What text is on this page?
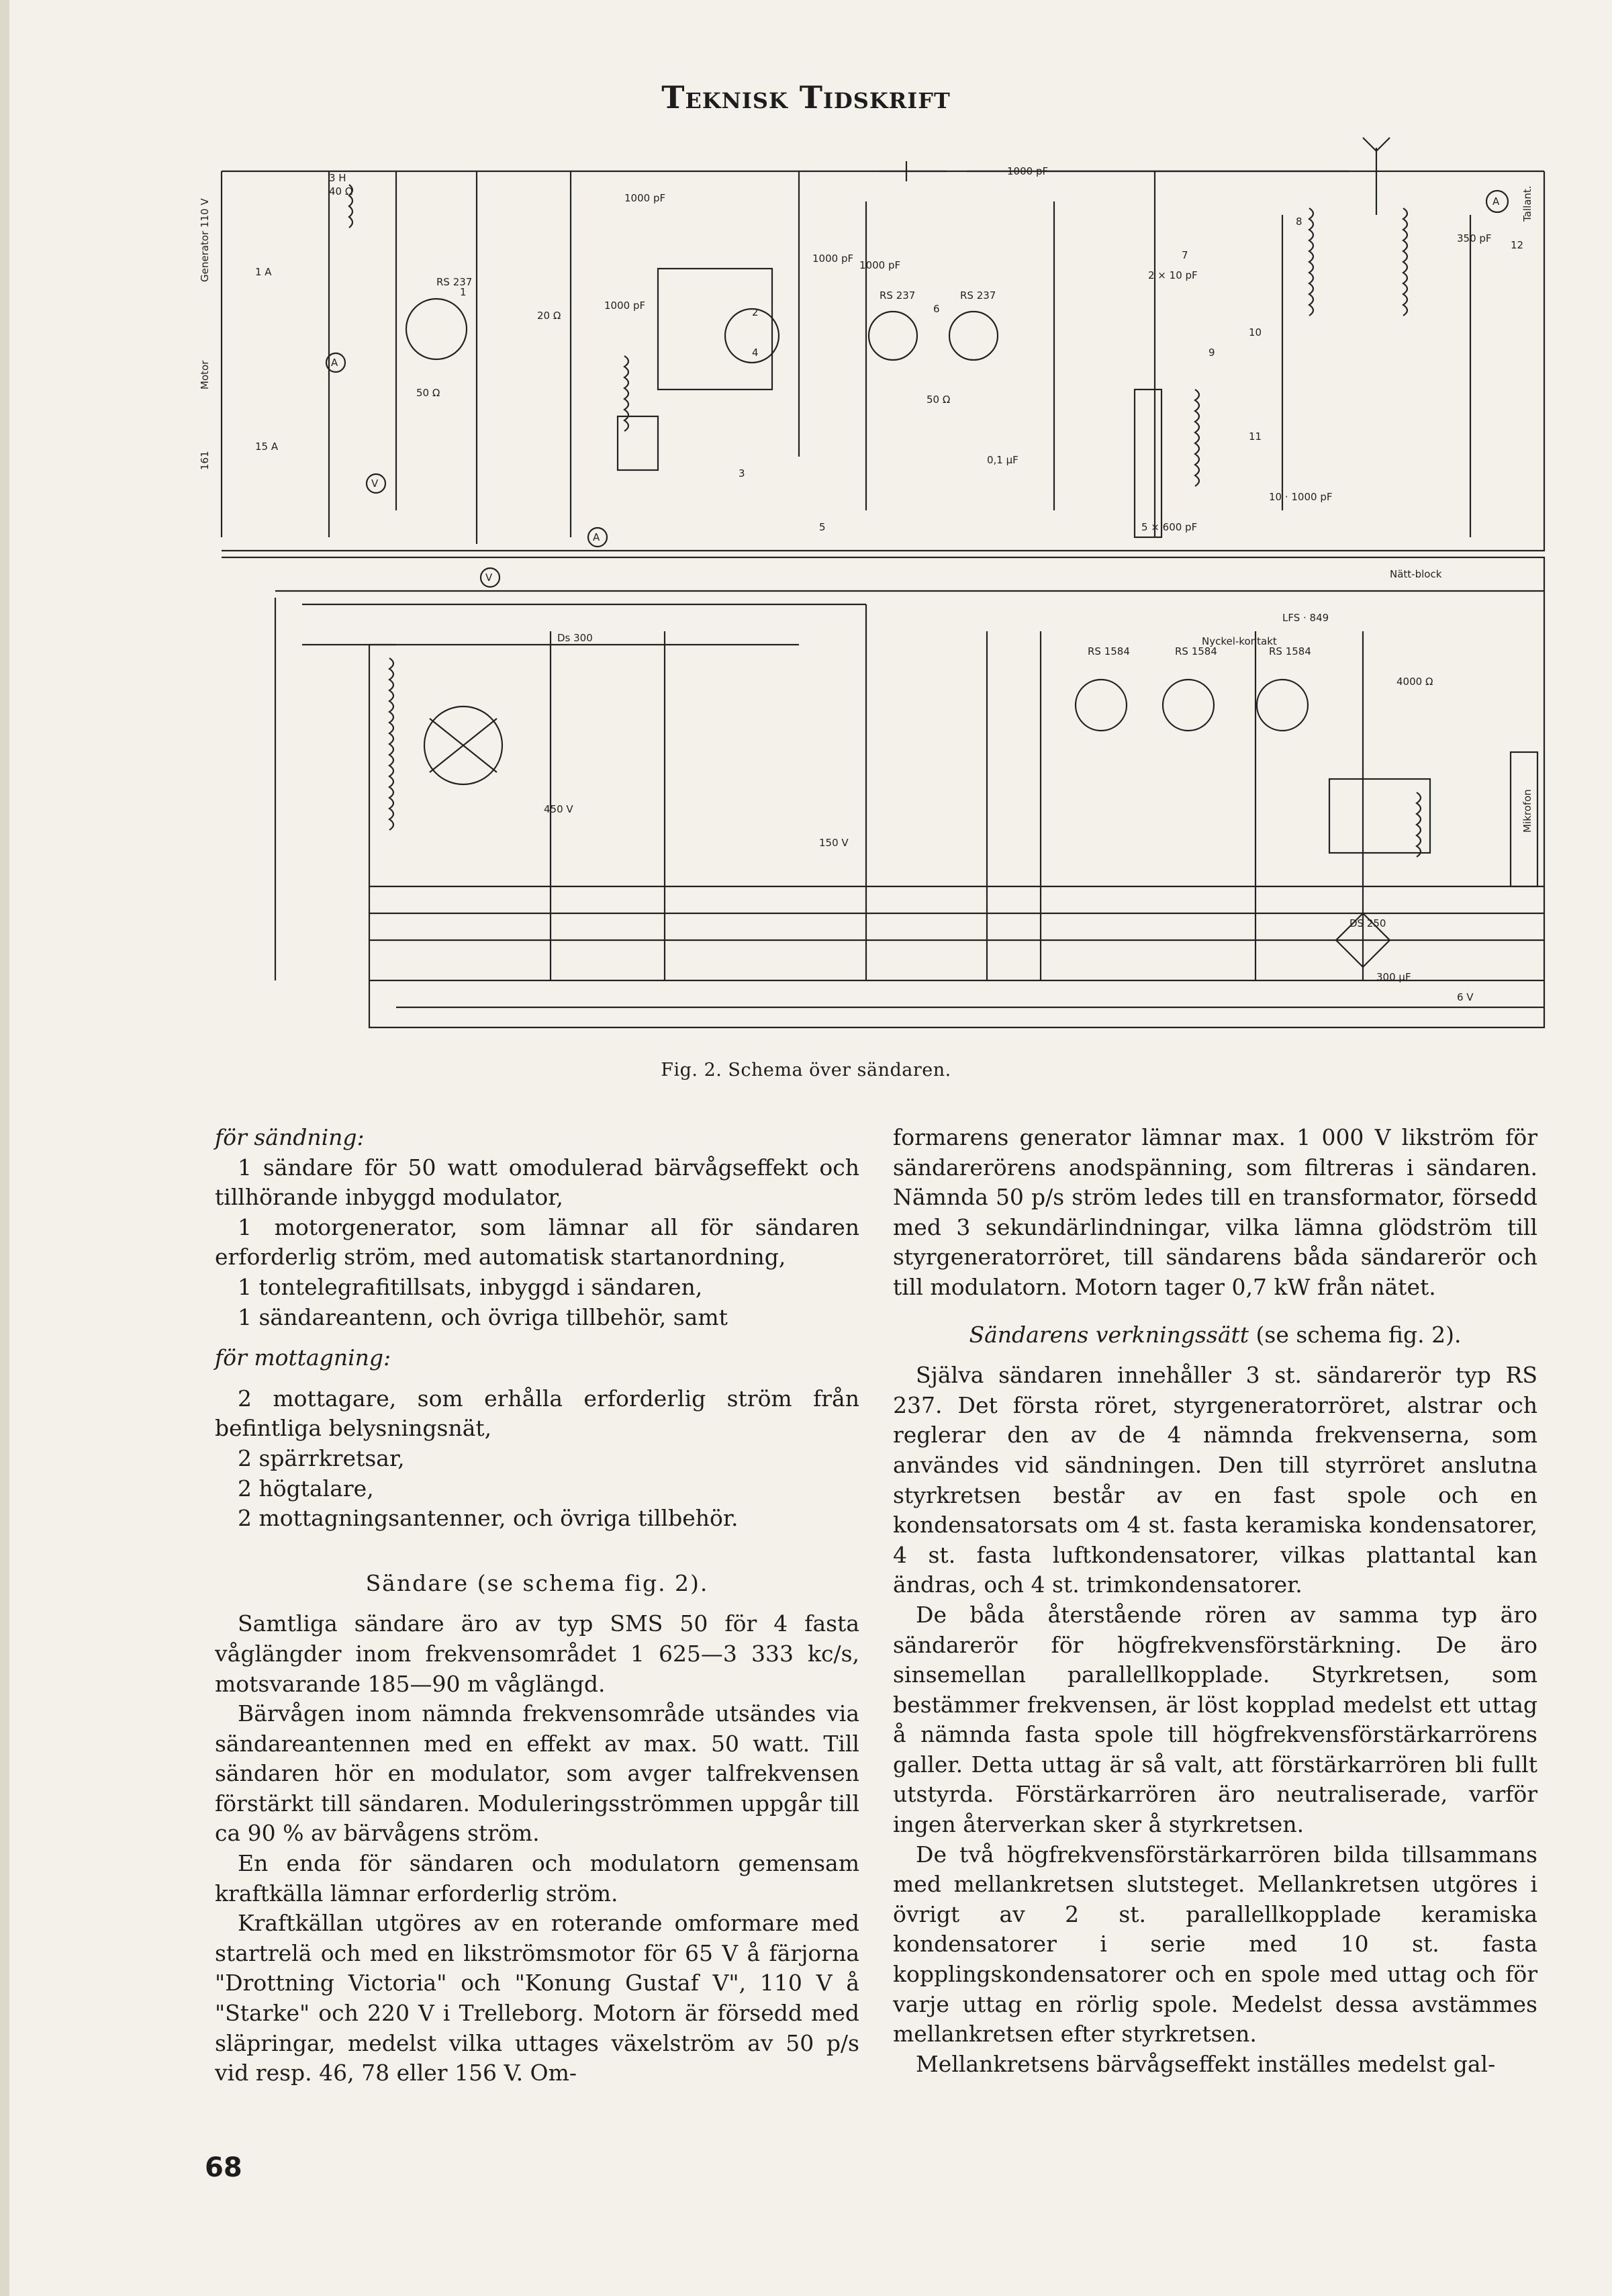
Teknisk Tidskrift
3 H
40 Ω
Generator 110 V	1 A
Motor
161
15 A
RS 237
RS 237	RS 237
20 Ω
1000 pF
1000 pF
1000 pF
1000 pF
1000 pF
50 Ω
50 Ω
10 · 1000 pF
5 × 600 pF
2 × 10 pF
350 pF
Tallant.
Nätt-block
LFS · 849
RS 1584	RS 1584	RS 1584
Nyckel-kontakt
4000 Ω
0,1 μF
Ds 300
DS 250
Mikrofon
300 μF
6 V
150 V
450 V
1
2
3
4
5
6
7
8
9
10
11
12
A
V
V
A
A
Fig. 2. Schema över sändaren.

för sändning:

1 sändare för 50 watt omodulerad bärvågseffekt och tillhörande inbyggd modulator,

1 motorgenerator, som lämnar all för sändaren erforderlig ström, med automatisk startanordning,

1 tontelegrafitillsats, inbyggd i sändaren,

1 sändareantenn, och övriga tillbehör, samt

för mottagning:

2 mottagare, som erhålla erforderlig ström från befintliga belysningsnät,

2 spärrkretsar,

2 högtalare,

2 mottagningsantenner, och övriga tillbehör.

Sändare (se schema fig. 2).

Samtliga sändare äro av typ SMS 50 för 4 fasta våglängder inom frekvensområdet 1 625—3 333 kc/s, motsvarande 185—90 m våglängd.

Bärvågen inom nämnda frekvensområde utsändes via sändareantennen med en effekt av max. 50 watt. Till sändaren hör en modulator, som avger talfrekvensen förstärkt till sändaren. Moduleringsströmmen uppgår till ca 90 % av bärvågens ström.

En enda för sändaren och modulatorn gemensam kraftkälla lämnar erforderlig ström.

Kraftkällan utgöres av en roterande omformare med startrelä och med en likströmsmotor för 65 V å färjorna "Drottning Victoria" och "Konung Gustaf V", 110 V å "Starke" och 220 V i Trelleborg. Motorn är försedd med släpringar, medelst vilka uttages växelström av 50 p/s vid resp. 46, 78 eller 156 V. Om-

formarens generator lämnar max. 1 000 V likström för sändarerörens anodspänning, som filtreras i sändaren. Nämnda 50 p/s ström ledes till en transformator, försedd med 3 sekundärlindningar, vilka lämna glödström till styrgeneratorröret, till sändarens båda sändarerör och till modulatorn. Motorn tager 0,7 kW från nätet.

Sändarens verkningssätt (se schema fig. 2).

Själva sändaren innehåller 3 st. sändarerör typ RS 237. Det första röret, styrgeneratorröret, alstrar och reglerar den av de 4 nämnda frekvenserna, som användes vid sändningen. Den till styrröret anslutna styrkretsen består av en fast spole och en kondensatorsats om 4 st. fasta keramiska kondensatorer, 4 st. fasta luftkondensatorer, vilkas plattantal kan ändras, och 4 st. trimkondensatorer.

De båda återstående rören av samma typ äro sändarerör för högfrekvensförstärkning. De äro sinsemellan parallellkopplade. Styrkretsen, som bestämmer frekvensen, är löst kopplad medelst ett uttag å nämnda fasta spole till högfrekvensförstärkarrörens galler. Detta uttag är så valt, att förstärkarrören bli fullt utstyrda. Förstärkarrören äro neutraliserade, varför ingen återverkan sker å styrkretsen.

De två högfrekvensförstärkarrören bilda tillsammans med mellankretsen slutsteget. Mellankretsen utgöres i övrigt av 2 st. parallellkopplade keramiska kondensatorer i serie med 10 st. fasta kopplingskondensatorer och en spole med uttag och för varje uttag en rörlig spole. Medelst dessa avstämmes mellankretsen efter styrkretsen.

Mellankretsens bärvågseffekt inställes medelst gal-

68
